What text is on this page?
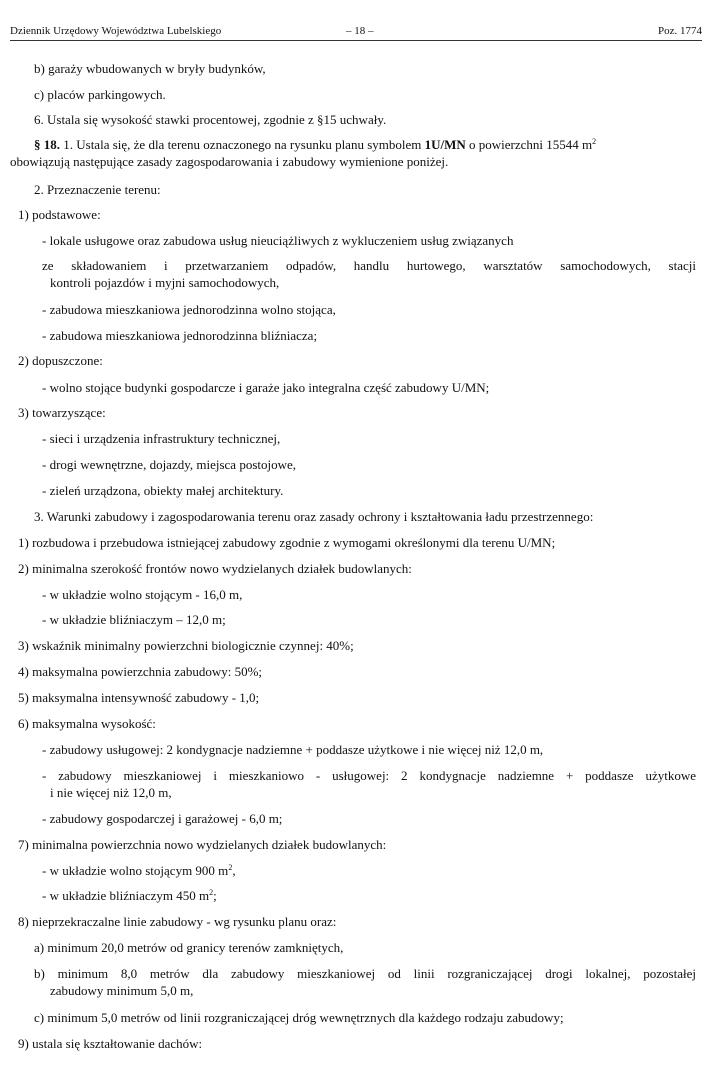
Dziennik Urzędowy Województwa Lubelskiego	– 18 –	Poz. 1774
b) garaży wbudowanych w bryły budynków,
c) placów parkingowych.
6. Ustala się wysokość stawki procentowej, zgodnie z §15 uchwały.
§ 18. 1. Ustala się, że dla terenu oznaczonego na rysunku planu symbolem 1U/MN o powierzchni 15544 $m^2$
obowiązują następujące zasady zagospodarowania i zabudowy wymienione poniżej.
2. Przeznaczenie terenu:
1) podstawowe:
- lokale usługowe oraz zabudowa usług nieuciążliwych z wykluczeniem usług związanych
ze składowaniem i przetwarzaniem odpadów, handlu hurtowego, warsztatów samochodowych, stacji
kontroli pojazdów i myjni samochodowych,
- zabudowa mieszkaniowa jednorodzinna wolno stojąca,
- zabudowa mieszkaniowa jednorodzinna bliźniacza;
2) dopuszczone:
- wolno stojące budynki gospodarcze i garaże jako integralna część zabudowy U/MN;
3) towarzyszące:
- sieci i urządzenia infrastruktury technicznej,
- drogi wewnętrzne, dojazdy, miejsca postojowe,
- zieleń urządzona, obiekty małej architektury.
3. Warunki zabudowy i zagospodarowania terenu oraz zasady ochrony i kształtowania ładu przestrzennego:
1) rozbudowa i przebudowa istniejącej zabudowy zgodnie z wymogami określonymi dla terenu U/MN;
2) minimalna szerokość frontów nowo wydzielanych działek budowlanych:
- w układzie wolno stojącym - 16,0 m,
- w układzie bliźniaczym – 12,0 m;
3) wskaźnik minimalny powierzchni biologicznie czynnej: 40%;
4) maksymalna powierzchnia zabudowy: 50%;
5) maksymalna intensywność zabudowy - 1,0;
6) maksymalna wysokość:
- zabudowy usługowej: 2 kondygnacje nadziemne + poddasze użytkowe i nie więcej niż 12,0 m,
- zabudowy mieszkaniowej i mieszkaniowo - usługowej: 2 kondygnacje nadziemne + poddasze użytkowe
i nie więcej niż 12,0 m,
- zabudowy gospodarczej i garażowej - 6,0 m;
7) minimalna powierzchnia nowo wydzielanych działek budowlanych:
- w układzie wolno stojącym 900 $m^2$,
- w układzie bliźniaczym 450 $m^2$;
8) nieprzekraczalne linie zabudowy - wg rysunku planu oraz:
a) minimum 20,0 metrów od granicy terenów zamkniętych,
b) minimum 8,0 metrów dla zabudowy mieszkaniowej od linii rozgraniczającej drogi lokalnej, pozostałej
zabudowy minimum 5,0 m,
c) minimum 5,0 metrów od linii rozgraniczającej dróg wewnętrznych dla każdego rodzaju zabudowy;
9) ustala się kształtowanie dachów:
